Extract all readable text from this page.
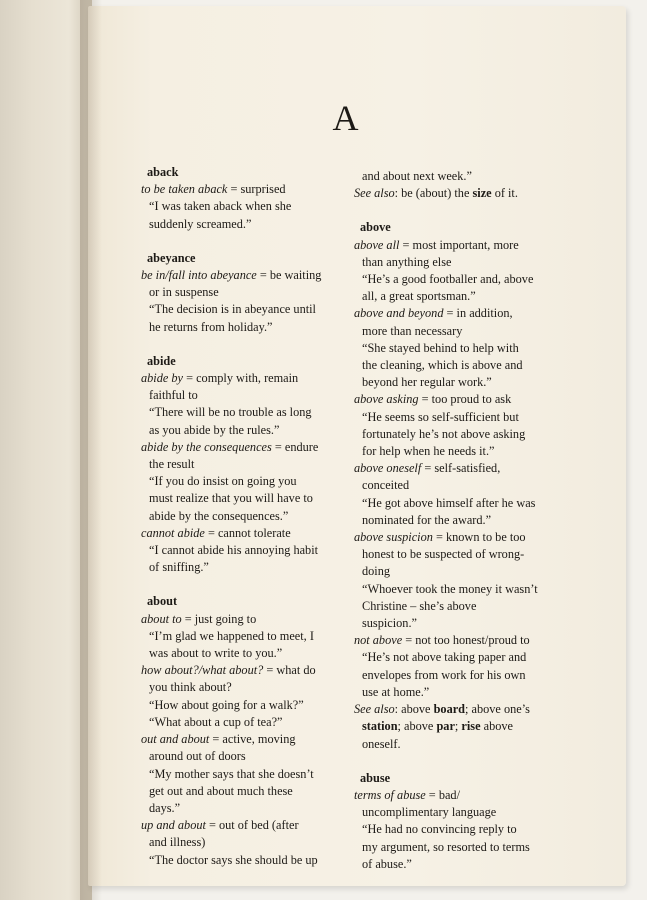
A
aback
to be taken aback = surprised
“I was taken aback when she
suddenly screamed.”
abeyance
be in/fall into abeyance = be waiting
or in suspense
“The decision is in abeyance until
he returns from holiday.”
abide
abide by = comply with, remain
faithful to
“There will be no trouble as long
as you abide by the rules.”
abide by the consequences = endure
the result
“If you do insist on going you
must realize that you will have to
abide by the consequences.”
cannot abide = cannot tolerate
“I cannot abide his annoying habit
of sniffing.”
about
about to = just going to
“I’m glad we happened to meet, I
was about to write to you.”
how about?/what about? = what do
you think about?
“How about going for a walk?”
“What about a cup of tea?”
out and about = active, moving
around out of doors
“My mother says that she doesn’t
get out and about much these
days.”
up and about = out of bed (after
and illness)
“The doctor says she should be up
and about next week.”
See also: be (about) the size of it.
above
above all = most important, more
than anything else
“He’s a good footballer and, above
all, a great sportsman.”
above and beyond = in addition,
more than necessary
“She stayed behind to help with
the cleaning, which is above and
beyond her regular work.”
above asking = too proud to ask
“He seems so self-sufficient but
fortunately he’s not above asking
for help when he needs it.”
above oneself = self-satisfied,
conceited
“He got above himself after he was
nominated for the award.”
above suspicion = known to be too
honest to be suspected of wrong-
doing
“Whoever took the money it wasn’t
Christine – she’s above
suspicion.”
not above = not too honest/proud to
“He’s not above taking paper and
envelopes from work for his own
use at home.”
See also: above board; above one’s
station; above par; rise above
oneself.
abuse
terms of abuse = bad/
uncomplimentary language
“He had no convincing reply to
my argument, so resorted to terms
of abuse.”
